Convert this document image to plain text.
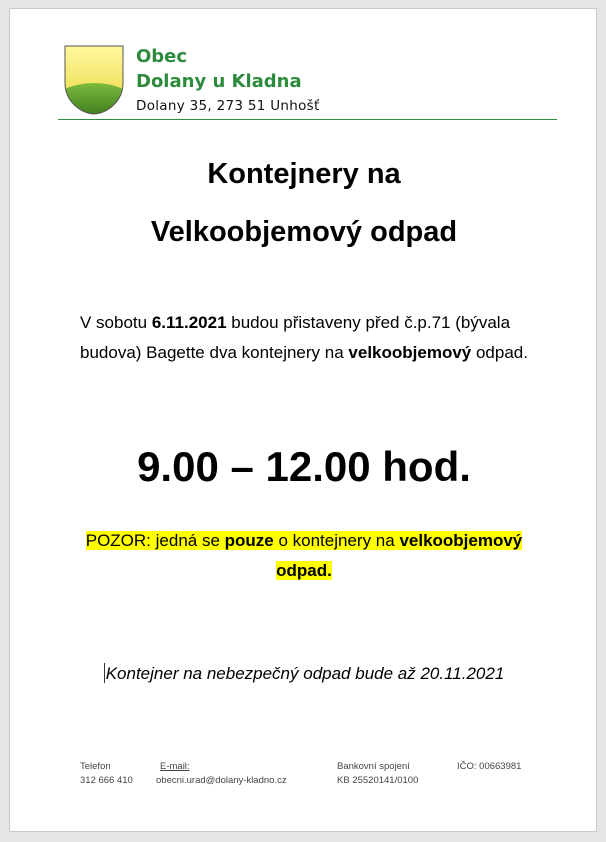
Obec
Dolany u Kladna
Dolany 35, 273 51 Unhošť
Kontejnery na
Velkoobjemový odpad
V sobotu 6.11.2021 budou přistaveny před č.p.71 (bývala budova) Bagette dva kontejnery na velkoobjemový odpad.
9.00 – 12.00 hod.
POZOR: jedná se pouze o kontejnery na velkoobjemový odpad.
Kontejner na nebezpečný odpad bude až 20.11.2021
Telefon
312 666 410
E-mail:
obecni.urad@dolany-kladno.cz
Bankovní spojení
KB 25520141/0100
IČO: 00663981
